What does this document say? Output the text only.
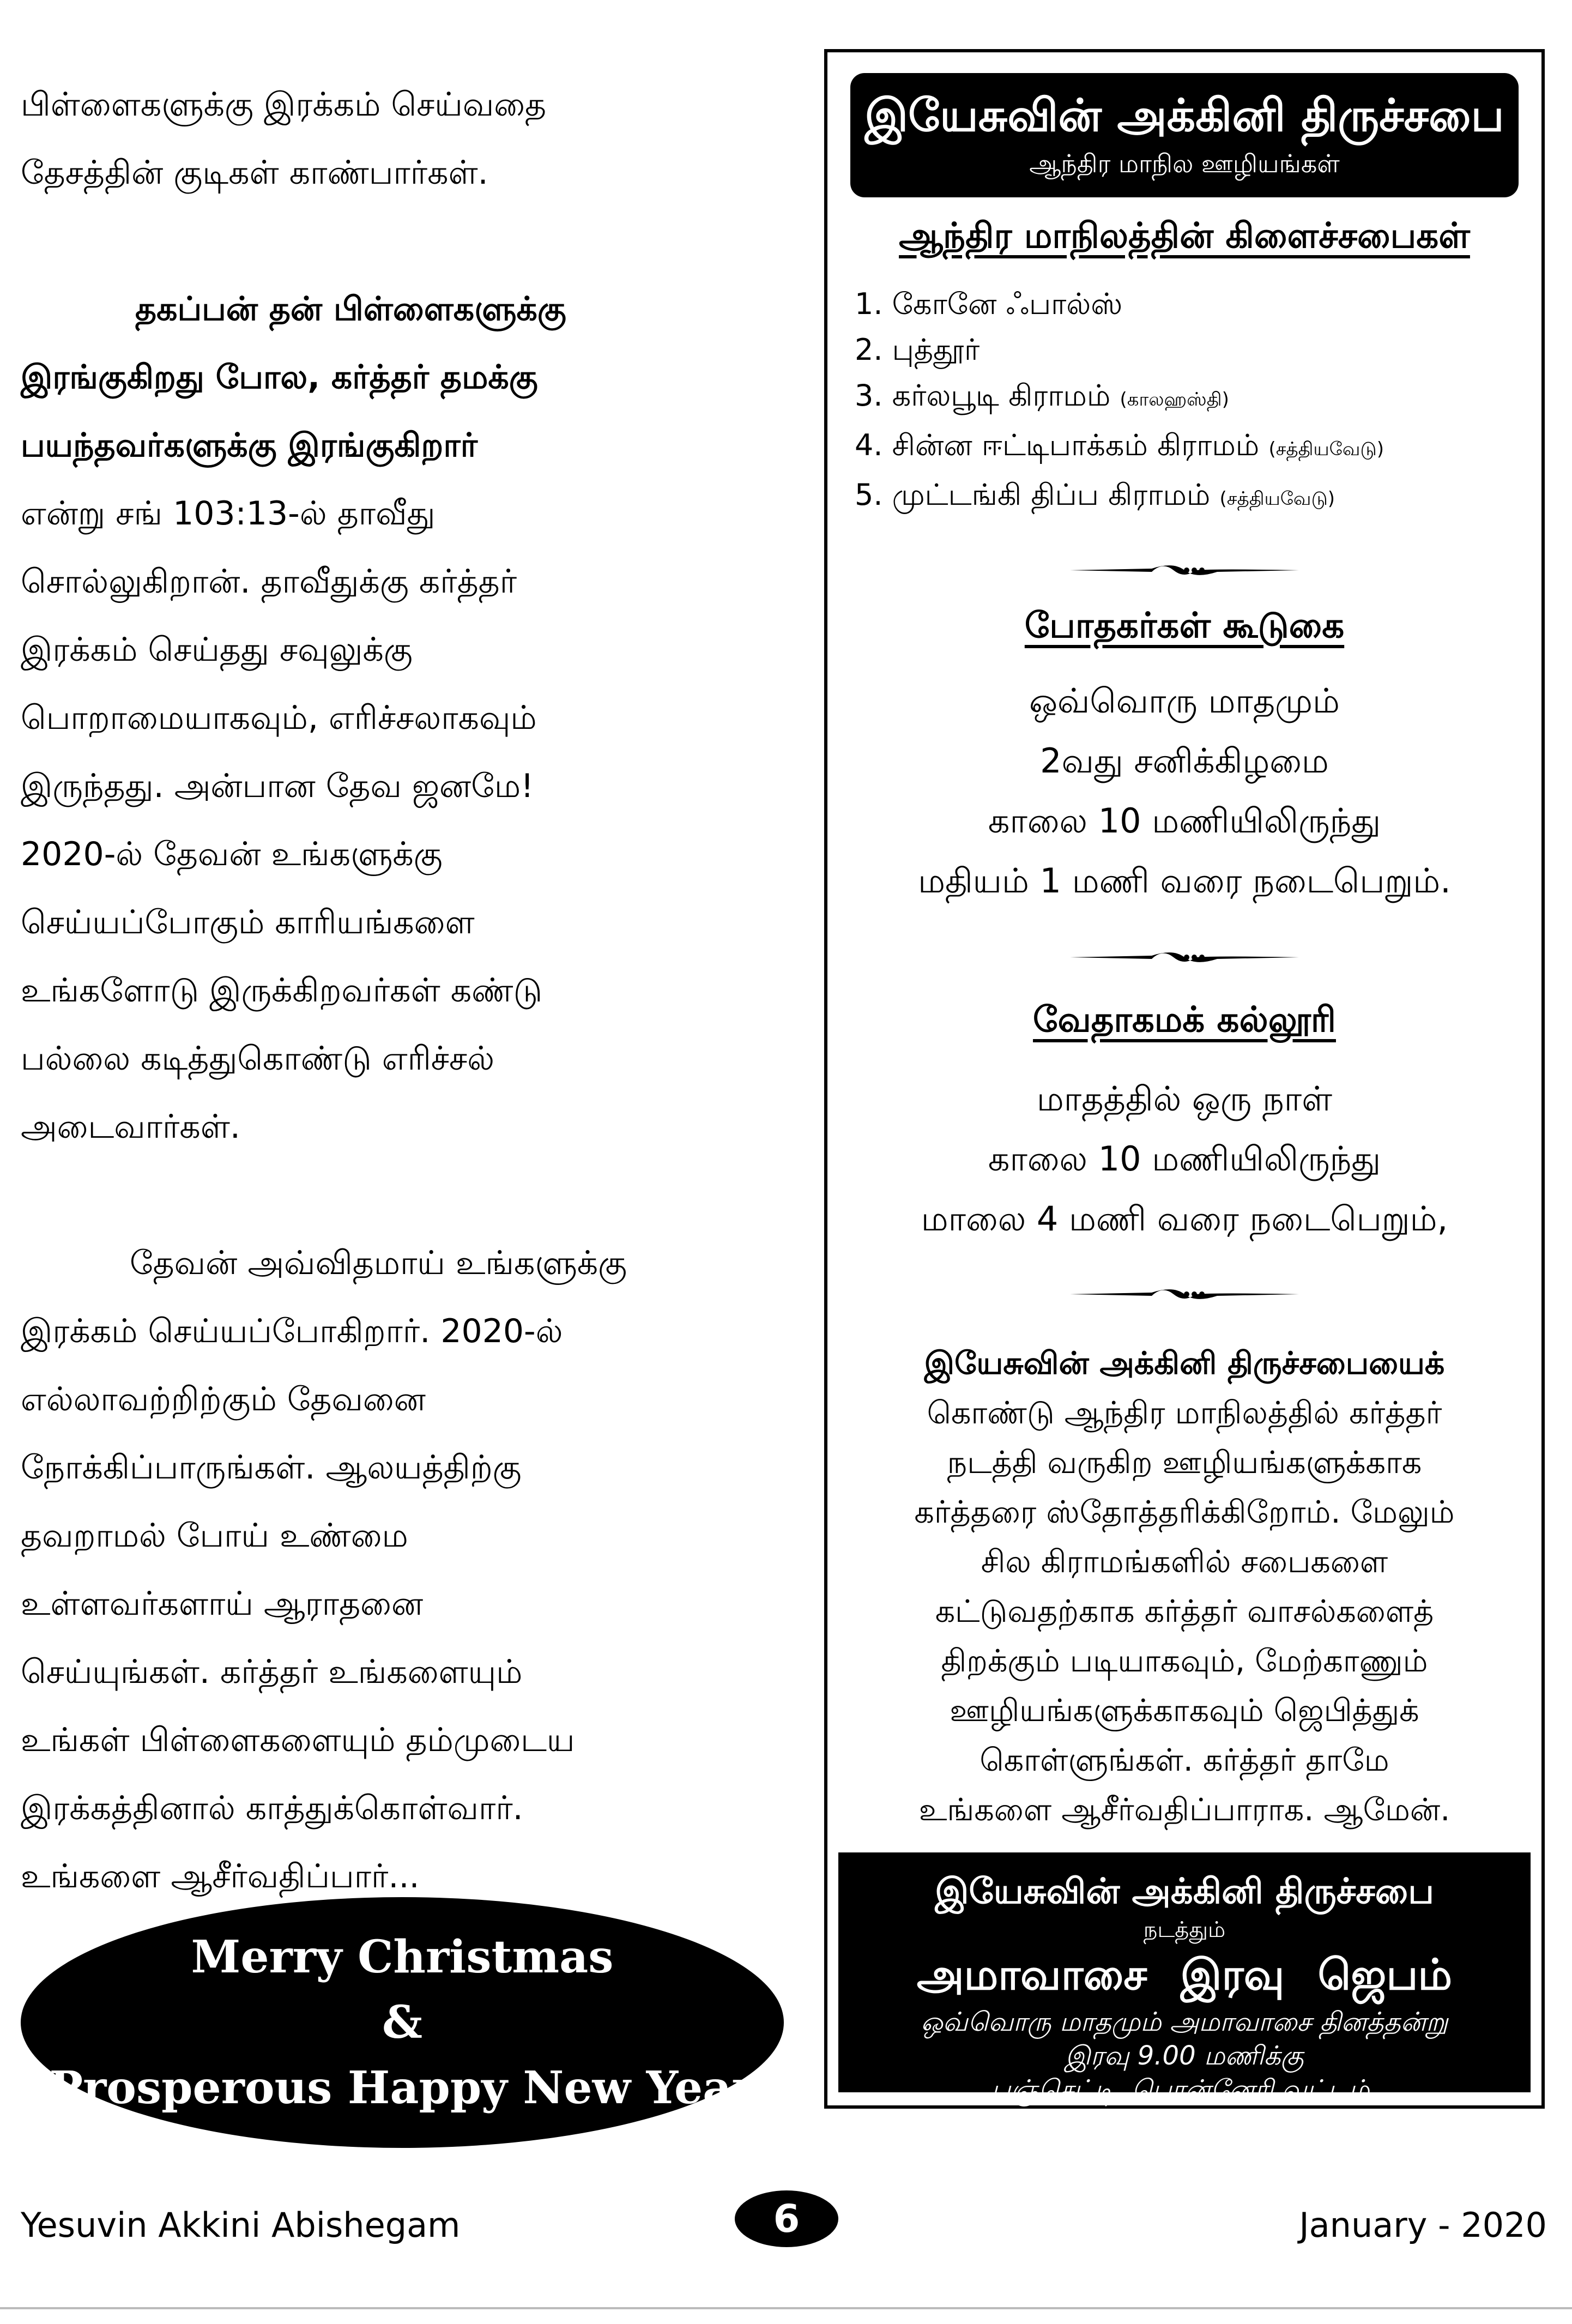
பிள்ளைகளுக்கு இரக்கம் செய்வதை

தேசத்தின் குடிகள் காண்பார்கள்.

தகப்பன் தன் பிள்ளைகளுக்கு

இரங்குகிறது போல, கர்த்தர் தமக்கு

பயந்தவர்களுக்கு இரங்குகிறார்

என்று சங் 103:13-ல் தாவீது

சொல்லுகிறான். தாவீதுக்கு கர்த்தர்

இரக்கம் செய்தது சவுலுக்கு

பொறாமையாகவும், எரிச்சலாகவும்

இருந்தது. அன்பான தேவ ஜனமே!

2020-ல் தேவன் உங்களுக்கு

செய்யப்போகும் காரியங்களை

உங்களோடு இருக்கிறவர்கள் கண்டு

பல்லை கடித்துகொண்டு எரிச்சல்

அடைவார்கள்.

தேவன் அவ்விதமாய் உங்களுக்கு

இரக்கம் செய்யப்போகிறார். 2020-ல்

எல்லாவற்றிற்கும் தேவனை

நோக்கிப்பாருங்கள். ஆலயத்திற்கு

தவறாமல் போய் உண்மை

உள்ளவர்களாய் ஆராதனை

செய்யுங்கள். கர்த்தர் உங்களையும்

உங்கள் பிள்ளைகளையும் தம்முடைய

இரக்கத்தினால் காத்துக்கொள்வார்.

உங்களை ஆசீர்வதிப்பார்...

Merry Christmas
&
Prosperous Happy New Year
இயேசுவின் அக்கினி திருச்சபை
ஆந்திர மாநில ஊழியங்கள்
ஆந்திர மாநிலத்தின் கிளைச்சபைகள்
1. கோனே ஃபால்ஸ்
2. புத்தூர்
3. கர்லபூடி கிராமம் (காலஹஸ்தி)
4. சின்ன ஈட்டிபாக்கம் கிராமம் (சத்தியவேடு)
5. முட்டங்கி திப்ப கிராமம் (சத்தியவேடு)
போதகர்கள் கூடுகை
ஒவ்வொரு மாதமும்
2வது சனிக்கிழமை
காலை 10 மணியிலிருந்து
மதியம் 1 மணி வரை நடைபெறும்.
வேதாகமக் கல்லூரி
மாதத்தில் ஒரு நாள்
காலை 10 மணியிலிருந்து
மாலை 4 மணி வரை நடைபெறும்,
இயேசுவின் அக்கினி திருச்சபையைக்
கொண்டு ஆந்திர மாநிலத்தில் கர்த்தர்
நடத்தி வருகிற ஊழியங்களுக்காக
கர்த்தரை ஸ்தோத்தரிக்கிறோம். மேலும்
சில கிராமங்களில் சபைகளை
கட்டுவதற்காக கர்த்தர் வாசல்களைத்
திறக்கும் படியாகவும், மேற்காணும்
ஊழியங்களுக்காகவும் ஜெபித்துக்
கொள்ளுங்கள். கர்த்தர் தாமே
உங்களை ஆசீர்வதிப்பாராக. ஆமேன்.
இயேசுவின் அக்கினி திருச்சபை
நடத்தும்
அமாவாசை இரவு ஜெபம்
ஒவ்வொரு மாதமும் அமாவாசை தினத்தன்று
இரவு 9.00 மணிக்கு
பஞ்செட்டி, பொன்னேரி வட்டம்.
Yesuvin Akkini Abishegam	6	January - 2020
